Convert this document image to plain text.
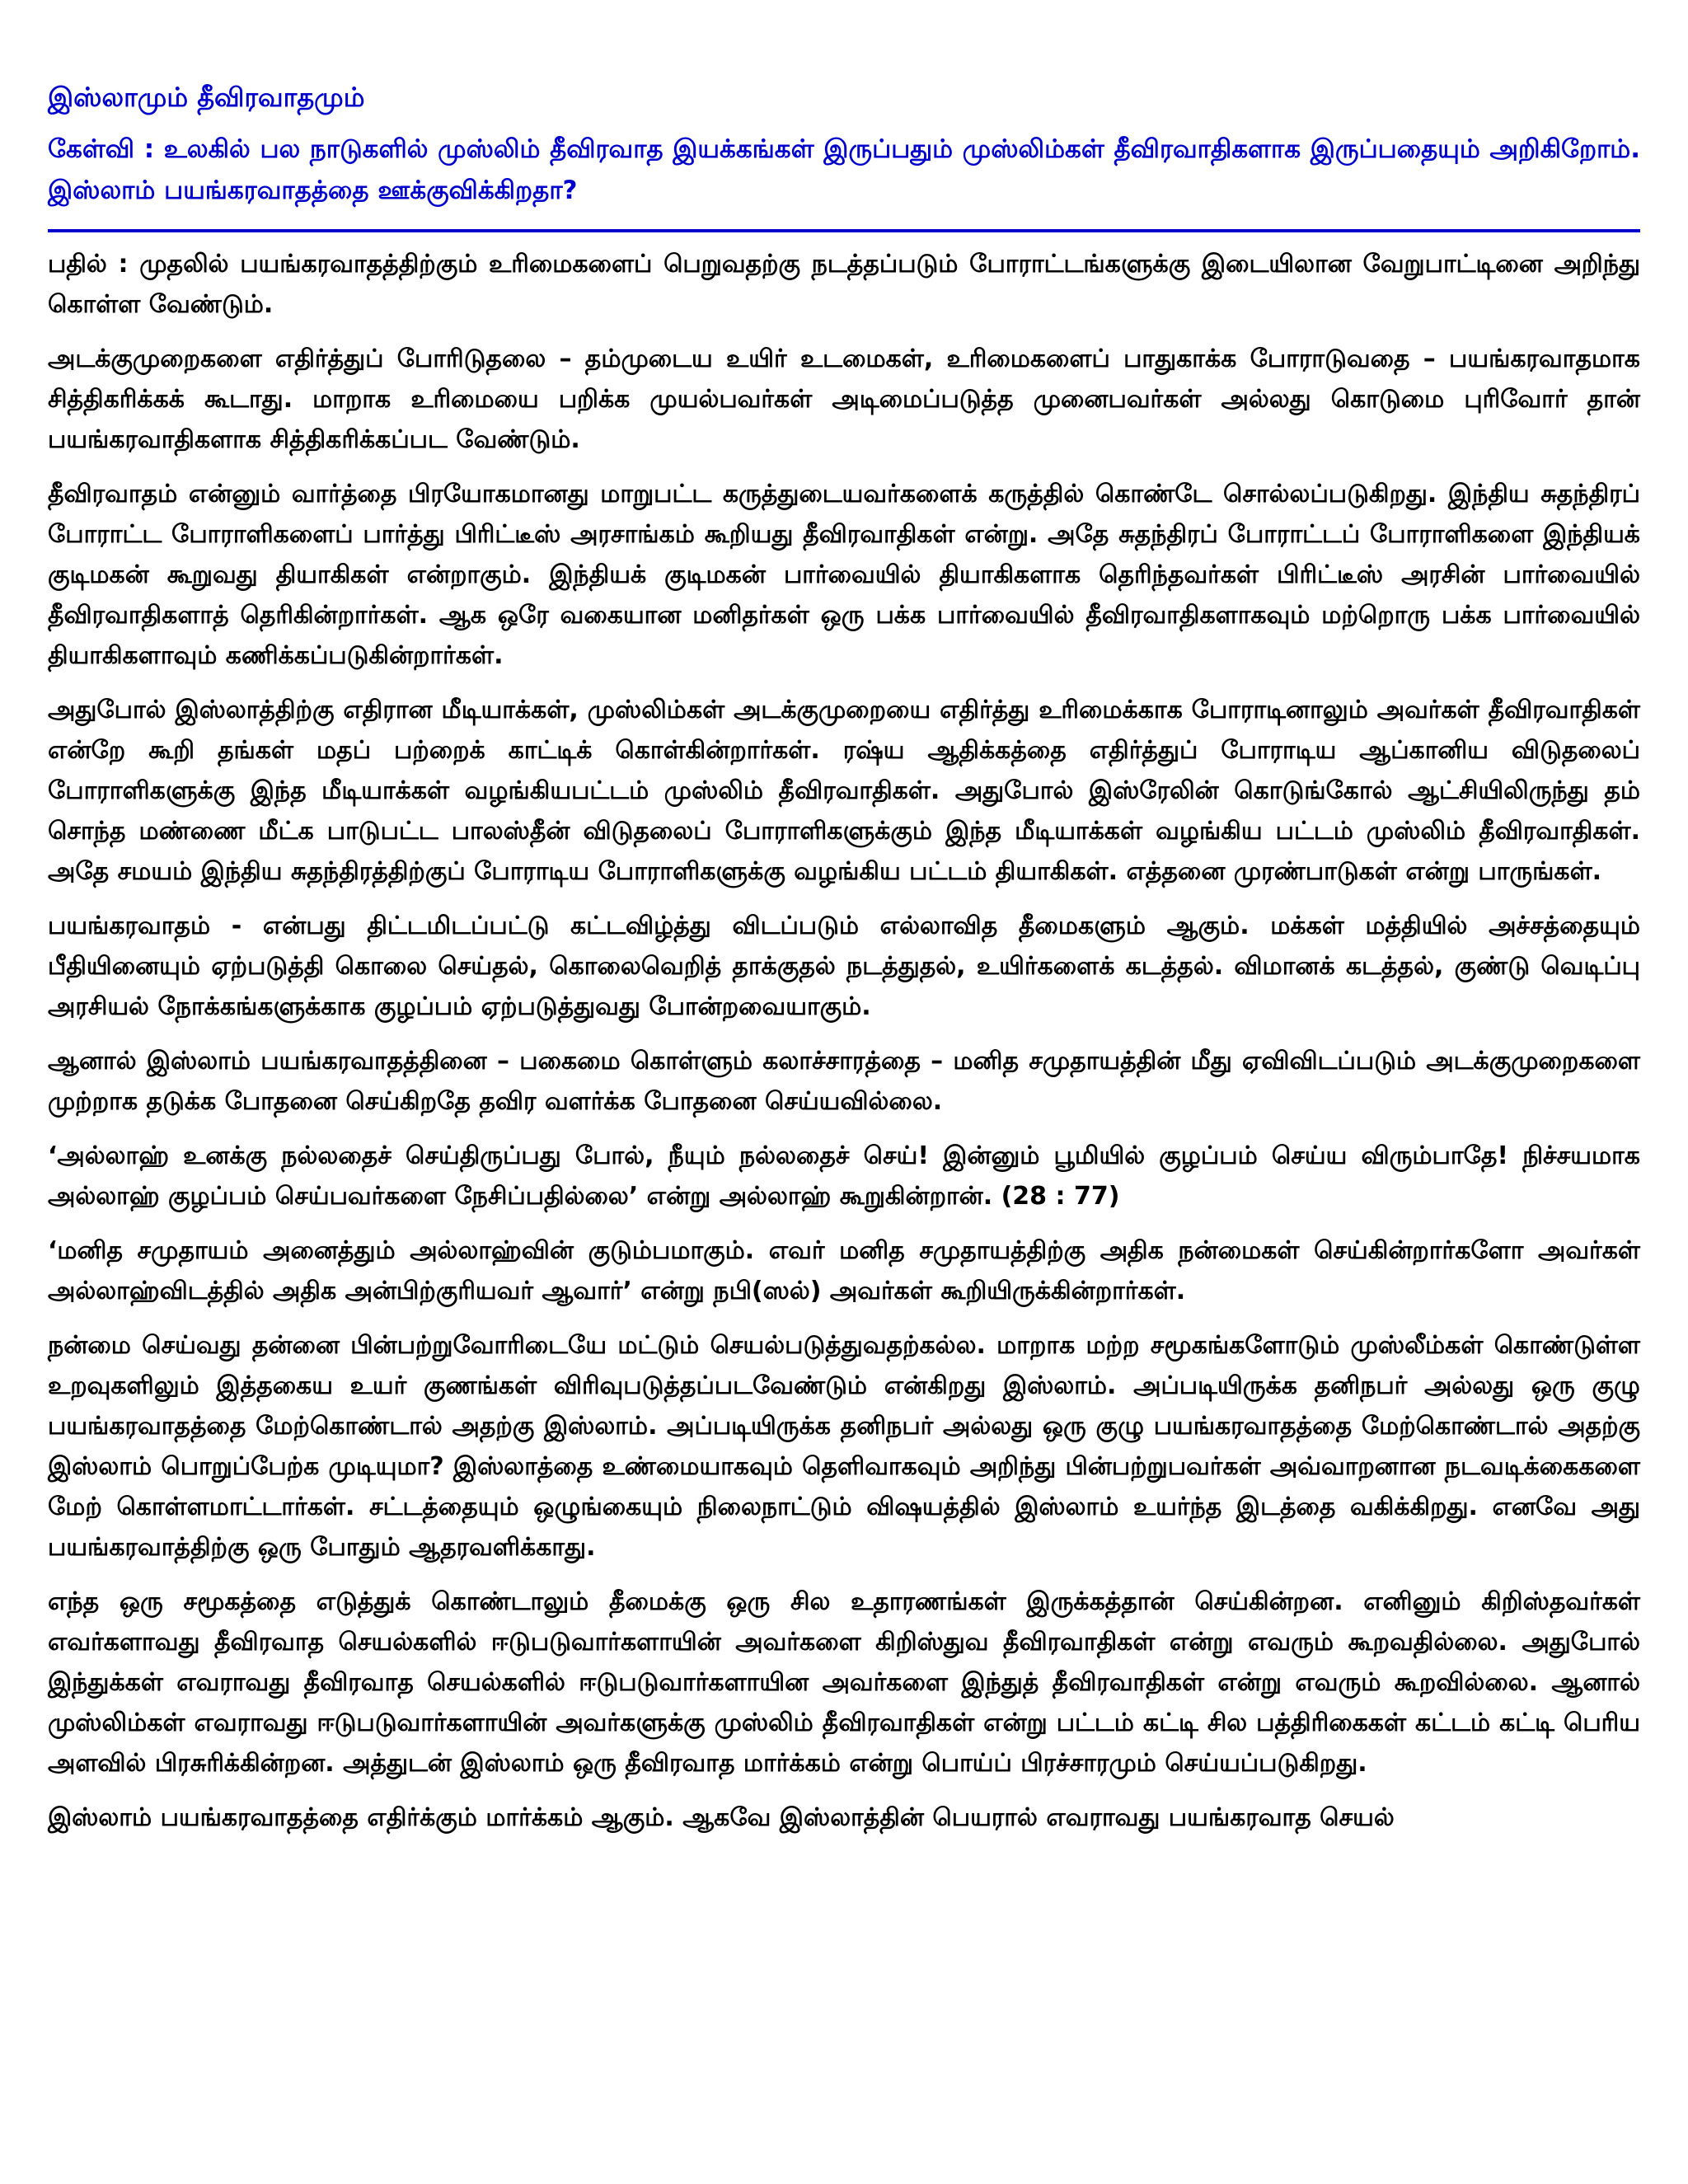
இஸ்லாமும் தீவிரவாதமும்

கேள்வி : உலகில் பல நாடுகளில் முஸ்லிம் தீவிரவாத இயக்கங்கள் இருப்பதும் முஸ்லிம்கள் தீவிரவாதிகளாக இருப்பதையும் அறிகிறோம். இஸ்லாம் பயங்கரவாதத்தை ஊக்குவிக்கிறதா?

பதில் : முதலில் பயங்கரவாதத்திற்கும் உரிமைகளைப் பெறுவதற்கு நடத்தப்படும் போராட்டங்களுக்கு இடையிலான வேறுபாட்டினை அறிந்து கொள்ள வேண்டும்.

அடக்குமுறைகளை எதிர்த்துப் போரிடுதலை – தம்முடைய உயிர் உடமைகள், உரிமைகளைப் பாதுகாக்க போராடுவதை – பயங்கரவாதமாக சித்திகரிக்கக் கூடாது. மாறாக உரிமையை பறிக்க முயல்பவர்கள் அடிமைப்படுத்த முனைபவர்கள் அல்லது கொடுமை புரிவோர் தான் பயங்கரவாதிகளாக சித்திகரிக்கப்பட வேண்டும்.

தீவிரவாதம் என்னும் வார்த்தை பிரயோகமானது மாறுபட்ட கருத்துடையவர்களைக் கருத்தில் கொண்டே சொல்லப்படுகிறது. இந்திய சுதந்திரப் போராட்ட போராளிகளைப் பார்த்து பிரிட்டீஸ் அரசாங்கம் கூறியது தீவிரவாதிகள் என்று. அதே சுதந்திரப் போராட்டப் போராளிகளை இந்தியக் குடிமகன் கூறுவது தியாகிகள் என்றாகும். இந்தியக் குடிமகன் பார்வையில் தியாகிகளாக தெரிந்தவர்கள் பிரிட்டீஸ் அரசின் பார்வையில் தீவிரவாதிகளாத் தெரிகின்றார்கள். ஆக ஒரே வகையான மனிதர்கள் ஒரு பக்க பார்வையில் தீவிரவாதிகளாகவும் மற்றொரு பக்க பார்வையில் தியாகிகளாவும் கணிக்கப்படுகின்றார்கள்.

அதுபோல் இஸ்லாத்திற்கு எதிரான மீடியாக்கள், முஸ்லிம்கள் அடக்குமுறையை எதிர்த்து உரிமைக்காக போராடினாலும் அவர்கள் தீவிரவாதிகள் என்றே கூறி தங்கள் மதப் பற்றைக் காட்டிக் கொள்கின்றார்கள். ரஷ்ய ஆதிக்கத்தை எதிர்த்துப் போராடிய ஆப்கானிய விடுதலைப் போராளிகளுக்கு இந்த மீடியாக்கள் வழங்கியபட்டம் முஸ்லிம் தீவிரவாதிகள். அதுபோல் இஸ்ரேலின் கொடுங்கோல் ஆட்சியிலிருந்து தம் சொந்த மண்ணை மீட்க பாடுபட்ட பாலஸ்தீன் விடுதலைப் போராளிகளுக்கும் இந்த மீடியாக்கள் வழங்கிய பட்டம் முஸ்லிம் தீவிரவாதிகள். அதே சமயம் இந்திய சுதந்திரத்திற்குப் போராடிய போராளிகளுக்கு வழங்கிய பட்டம் தியாகிகள். எத்தனை முரண்பாடுகள் என்று பாருங்கள்.

பயங்கரவாதம் - என்பது திட்டமிடப்பட்டு கட்டவிழ்த்து விடப்படும் எல்லாவித தீமைகளும் ஆகும். மக்கள் மத்தியில் அச்சத்தையும் பீதியினையும் ஏற்படுத்தி கொலை செய்தல், கொலைவெறித் தாக்குதல் நடத்துதல், உயிர்களைக் கடத்தல். விமானக் கடத்தல், குண்டு வெடிப்பு அரசியல் நோக்கங்களுக்காக குழப்பம் ஏற்படுத்துவது போன்றவையாகும்.

ஆனால் இஸ்லாம் பயங்கரவாதத்தினை – பகைமை கொள்ளும் கலாச்சாரத்தை – மனித சமுதாயத்தின் மீது ஏவிவிடப்படும் அடக்குமுறைகளை முற்றாக தடுக்க போதனை செய்கிறதே தவிர வளர்க்க போதனை செய்யவில்லை.

‘அல்லாஹ் உனக்கு நல்லதைச் செய்திருப்பது போல், நீயும் நல்லதைச் செய்! இன்னும் பூமியில் குழப்பம் செய்ய விரும்பாதே! நிச்சயமாக அல்லாஹ் குழப்பம் செய்பவர்களை நேசிப்பதில்லை’ என்று அல்லாஹ் கூறுகின்றான். (28 : 77)

‘மனித சமுதாயம் அனைத்தும் அல்லாஹ்வின் குடும்பமாகும். எவர் மனித சமுதாயத்திற்கு அதிக நன்மைகள் செய்கின்றார்களோ அவர்கள் அல்லாஹ்விடத்தில் அதிக அன்பிற்குரியவர் ஆவார்’ என்று நபி(ஸல்) அவர்கள் கூறியிருக்கின்றார்கள்.

நன்மை செய்வது தன்னை பின்பற்றுவோரிடையே மட்டும் செயல்படுத்துவதற்கல்ல. மாறாக மற்ற சமூகங்களோடும் முஸ்லீம்கள் கொண்டுள்ள உறவுகளிலும் இத்தகைய உயர் குணங்கள் விரிவுபடுத்தப்படவேண்டும் என்கிறது இஸ்லாம். அப்படியிருக்க தனிநபர் அல்லது ஒரு குழு பயங்கரவாதத்தை மேற்கொண்டால் அதற்கு இஸ்லாம். அப்படியிருக்க தனிநபர் அல்லது ஒரு குழு பயங்கரவாதத்தை மேற்கொண்டால் அதற்கு இஸ்லாம் பொறுப்பேற்க முடியுமா? இஸ்லாத்தை உண்மையாகவும் தெளிவாகவும் அறிந்து பின்பற்றுபவர்கள் அவ்வாறனான நடவடிக்கைகளை மேற் கொள்ளமாட்டார்கள். சட்டத்தையும் ஒழுங்கையும் நிலைநாட்டும் விஷயத்தில் இஸ்லாம் உயர்ந்த இடத்தை வகிக்கிறது. எனவே அது பயங்கரவாத்திற்கு ஒரு போதும் ஆதரவளிக்காது.

எந்த ஒரு சமூகத்தை எடுத்துக் கொண்டாலும் தீமைக்கு ஒரு சில உதாரணங்கள் இருக்கத்தான் செய்கின்றன. எனினும் கிறிஸ்தவர்கள் எவர்களாவது தீவிரவாத செயல்களில் ஈடுபடுவார்களாயின் அவர்களை கிறிஸ்துவ தீவிரவாதிகள் என்று எவரும் கூறவதில்லை. அதுபோல் இந்துக்கள் எவராவது தீவிரவாத செயல்களில் ஈடுபடுவார்களாயின அவர்களை இந்துத் தீவிரவாதிகள் என்று எவரும் கூறவில்லை. ஆனால் முஸ்லிம்கள் எவராவது ஈடுபடுவார்களாயின் அவர்களுக்கு முஸ்லிம் தீவிரவாதிகள் என்று பட்டம் கட்டி சில பத்திரிகைகள் கட்டம் கட்டி பெரிய அளவில் பிரசுரிக்கின்றன. அத்துடன் இஸ்லாம் ஒரு தீவிரவாத மார்க்கம் என்று பொய்ப் பிரச்சாரமும் செய்யப்படுகிறது.

இஸ்லாம் பயங்கரவாதத்தை எதிர்க்கும் மார்க்கம் ஆகும். ஆகவே இஸ்லாத்தின் பெயரால் எவராவது பயங்கரவாத செயல்
